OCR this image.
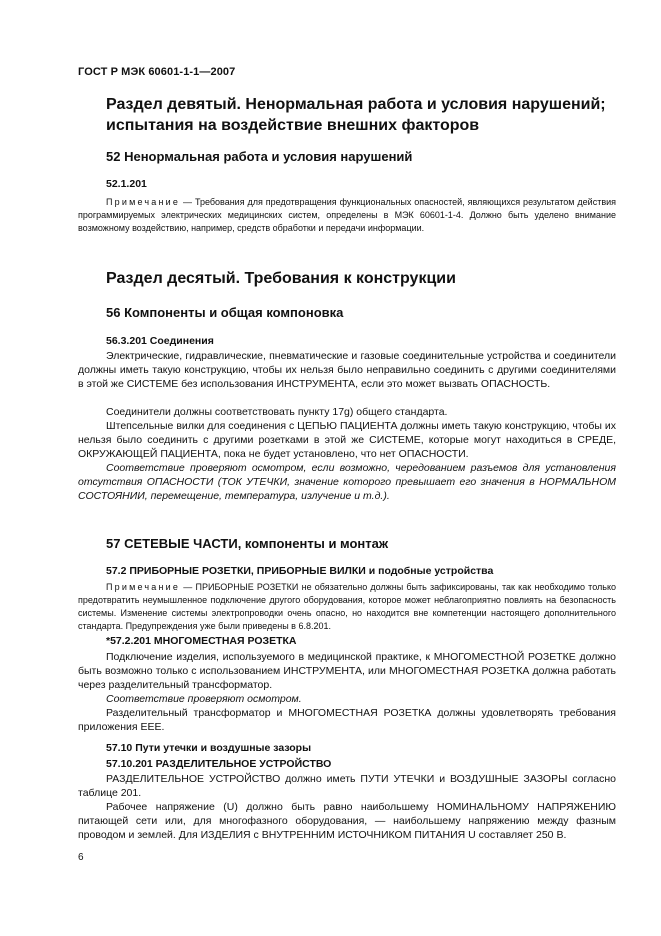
ГОСТ Р МЭК 60601-1-1—2007
Раздел девятый. Ненормальная работа и условия нарушений;
испытания на воздействие внешних факторов
52 Ненормальная работа и условия нарушений
52.1.201
Примечание — Требования для предотвращения функциональных опасностей, являющихся результатом действия программируемых электрических медицинских систем, определены в МЭК 60601-1-4. Должно быть уделено внимание возможному воздействию, например, средств обработки и передачи информации.
Раздел десятый. Требования к конструкции
56 Компоненты и общая компоновка
56.3.201 Соединения
Электрические, гидравлические, пневматические и газовые соединительные устройства и соединители должны иметь такую конструкцию, чтобы их нельзя было неправильно соединить с другими соединителями в этой же СИСТЕМЕ без использования ИНСТРУМЕНТА, если это может вызвать ОПАСНОСТЬ.
Соединители должны соответствовать пункту 17g) общего стандарта.
Штепсельные вилки для соединения с ЦЕПЬЮ ПАЦИЕНТА должны иметь такую конструкцию, чтобы их нельзя было соединить с другими розетками в этой же СИСТЕМЕ, которые могут находиться в СРЕДЕ, ОКРУЖАЮЩЕЙ ПАЦИЕНТА, пока не будет установлено, что нет ОПАСНОСТИ.
Соответствие проверяют осмотром, если возможно, чередованием разъемов для установления отсутствия ОПАСНОСТИ (ТОК УТЕЧКИ, значение которого превышает его значения в НОРМАЛЬНОМ СОСТОЯНИИ, перемещение, температура, излучение и т.д.).
57 СЕТЕВЫЕ ЧАСТИ, компоненты и монтаж
57.2 ПРИБОРНЫЕ РОЗЕТКИ, ПРИБОРНЫЕ ВИЛКИ и подобные устройства
Примечание — ПРИБОРНЫЕ РОЗЕТКИ не обязательно должны быть зафиксированы, так как необходимо только предотвратить неумышленное подключение другого оборудования, которое может неблагоприятно повлиять на безопасность системы. Изменение системы электропроводки очень опасно, но находится вне компетенции настоящего дополнительного стандарта. Предупреждения уже были приведены в 6.8.201.
*57.2.201 МНОГОМЕСТНАЯ РОЗЕТКА
Подключение изделия, используемого в медицинской практике, к МНОГОМЕСТНОЙ РОЗЕТКЕ должно быть возможно только с использованием ИНСТРУМЕНТА, или МНОГОМЕСТНАЯ РОЗЕТКА должна работать через разделительный трансформатор.
Соответствие проверяют осмотром.
Разделительный трансформатор и МНОГОМЕСТНАЯ РОЗЕТКА должны удовлетворять требования приложения ЕЕЕ.
57.10 Пути утечки и воздушные зазоры
57.10.201 РАЗДЕЛИТЕЛЬНОЕ УСТРОЙСТВО
РАЗДЕЛИТЕЛЬНОЕ УСТРОЙСТВО должно иметь ПУТИ УТЕЧКИ и ВОЗДУШНЫЕ ЗАЗОРЫ согласно таблице 201.
Рабочее напряжение (U) должно быть равно наибольшему НОМИНАЛЬНОМУ НАПРЯЖЕНИЮ питающей сети или, для многофазного оборудования, — наибольшему напряжению между фазным проводом и землей. Для ИЗДЕЛИЯ с ВНУТРЕННИМ ИСТОЧНИКОМ ПИТАНИЯ U составляет 250 В.
6
